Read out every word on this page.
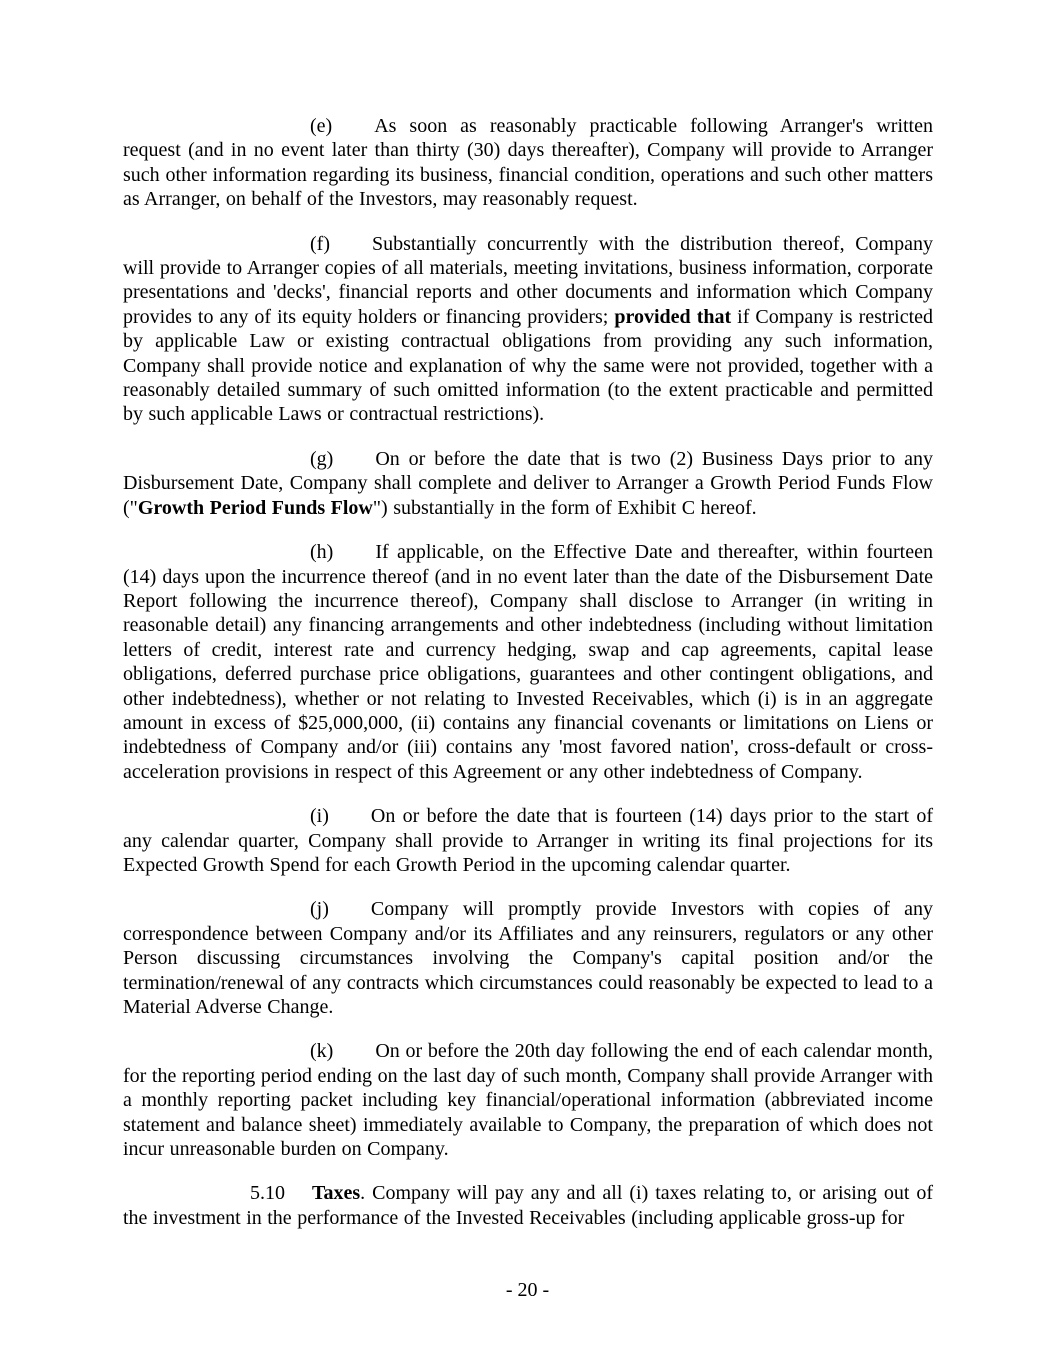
(e) As soon as reasonably practicable following Arranger's written request (and in no event later than thirty (30) days thereafter), Company will provide to Arranger such other information regarding its business, financial condition, operations and such other matters as Arranger, on behalf of the Investors, may reasonably request.

(f) Substantially concurrently with the distribution thereof, Company will provide to Arranger copies of all materials, meeting invitations, business information, corporate presentations and 'decks', financial reports and other documents and information which Company provides to any of its equity holders or financing providers; provided that if Company is restricted by applicable Law or existing contractual obligations from providing any such information, Company shall provide notice and explanation of why the same were not provided, together with a reasonably detailed summary of such omitted information (to the extent practicable and permitted by such applicable Laws or contractual restrictions).

(g) On or before the date that is two (2) Business Days prior to any Disbursement Date, Company shall complete and deliver to Arranger a Growth Period Funds Flow ("Growth Period Funds Flow") substantially in the form of Exhibit C hereof.

(h) If applicable, on the Effective Date and thereafter, within fourteen (14) days upon the incurrence thereof (and in no event later than the date of the Disbursement Date Report following the incurrence thereof), Company shall disclose to Arranger (in writing in reasonable detail) any financing arrangements and other indebtedness (including without limitation letters of credit, interest rate and currency hedging, swap and cap agreements, capital lease obligations, deferred purchase price obligations, guarantees and other contingent obligations, and other indebtedness), whether or not relating to Invested Receivables, which (i) is in an aggregate amount in excess of $25,000,000, (ii) contains any financial covenants or limitations on Liens or indebtedness of Company and/or (iii) contains any 'most favored nation', cross-default or cross-acceleration provisions in respect of this Agreement or any other indebtedness of Company.

(i) On or before the date that is fourteen (14) days prior to the start of any calendar quarter, Company shall provide to Arranger in writing its final projections for its Expected Growth Spend for each Growth Period in the upcoming calendar quarter.

(j) Company will promptly provide Investors with copies of any correspondence between Company and/or its Affiliates and any reinsurers, regulators or any other Person discussing circumstances involving the Company's capital position and/or the termination/renewal of any contracts which circumstances could reasonably be expected to lead to a Material Adverse Change.

(k) On or before the 20th day following the end of each calendar month, for the reporting period ending on the last day of such month, Company shall provide Arranger with a monthly reporting packet including key financial/operational information (abbreviated income statement and balance sheet) immediately available to Company, the preparation of which does not incur unreasonable burden on Company.

5.10 Taxes. Company will pay any and all (i) taxes relating to, or arising out of the investment in the performance of the Invested Receivables (including applicable gross-up for

- 20 -
